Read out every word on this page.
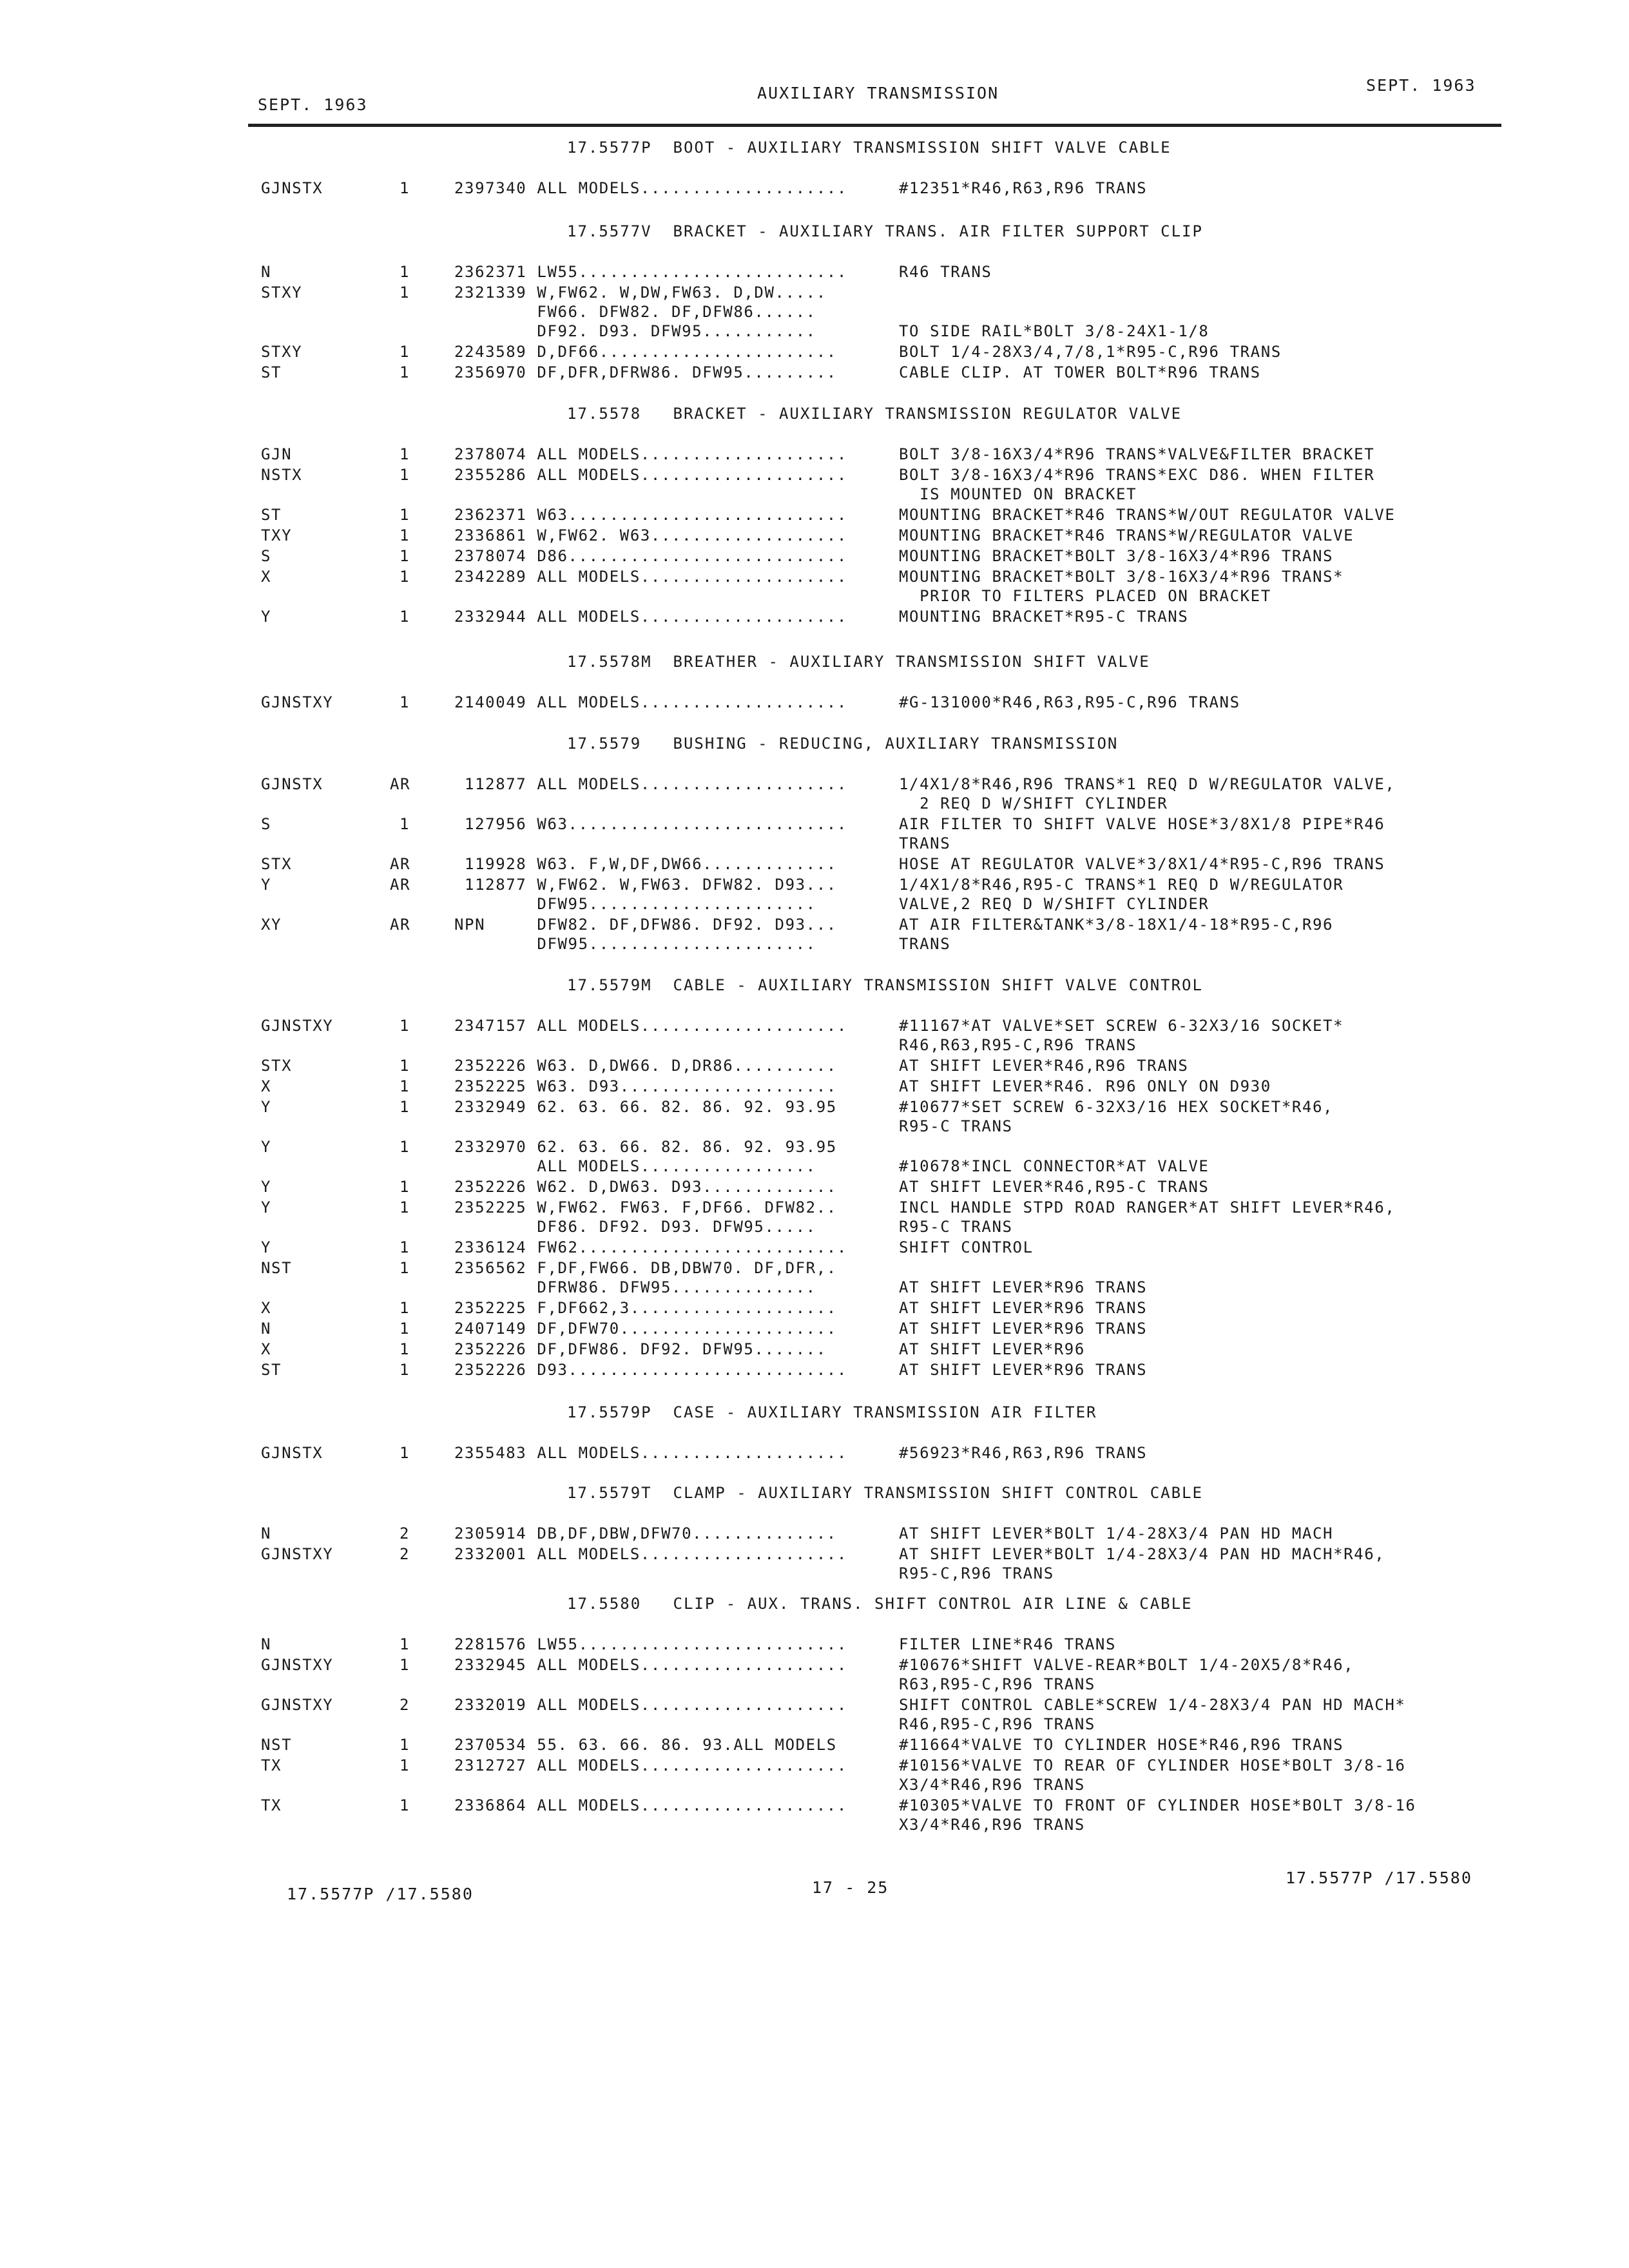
SEPT. 1963
AUXILIARY TRANSMISSION	SEPT. 1963
17.5577P  BOOT - AUXILIARY TRANSMISSION SHIFT VALVE CABLE
GJNSTX	1	2397340 ALL MODELS....................	#12351*R46,R63,R96 TRANS
17.5577V  BRACKET - AUXILIARY TRANS. AIR FILTER SUPPORT CLIP
N	1	2362371 LW55..........................	R46 TRANS
STXY	1	2321339 W,FW62. W,DW,FW63. D,DW.....
FW66. DFW82. DF,DFW86......
DF92. D93. DFW95...........	TO SIDE RAIL*BOLT 3/8-24X1-1/8
STXY	1	2243589 D,DF66.......................	BOLT 1/4-28X3/4,7/8,1*R95-C,R96 TRANS
ST	1	2356970 DF,DFR,DFRW86. DFW95.........	CABLE CLIP. AT TOWER BOLT*R96 TRANS
17.5578   BRACKET - AUXILIARY TRANSMISSION REGULATOR VALVE
GJN	1	2378074 ALL MODELS....................	BOLT 3/8-16X3/4*R96 TRANS*VALVE&FILTER BRACKET
NSTX	1	2355286 ALL MODELS....................	BOLT 3/8-16X3/4*R96 TRANS*EXC D86. WHEN FILTER
IS MOUNTED ON BRACKET
ST	1	2362371 W63...........................	MOUNTING BRACKET*R46 TRANS*W/OUT REGULATOR VALVE
TXY	1	2336861 W,FW62. W63...................	MOUNTING BRACKET*R46 TRANS*W/REGULATOR VALVE
S	1	2378074 D86...........................	MOUNTING BRACKET*BOLT 3/8-16X3/4*R96 TRANS
X	1	2342289 ALL MODELS....................	MOUNTING BRACKET*BOLT 3/8-16X3/4*R96 TRANS*
PRIOR TO FILTERS PLACED ON BRACKET
Y	1	2332944 ALL MODELS....................	MOUNTING BRACKET*R95-C TRANS
17.5578M  BREATHER - AUXILIARY TRANSMISSION SHIFT VALVE
GJNSTXY	1	2140049 ALL MODELS....................	#G-131000*R46,R63,R95-C,R96 TRANS
17.5579   BUSHING - REDUCING, AUXILIARY TRANSMISSION
GJNSTX	AR	112877 ALL MODELS....................	1/4X1/8*R46,R96 TRANS*1 REQ D W/REGULATOR VALVE,
2 REQ D W/SHIFT CYLINDER
S	1	127956 W63...........................	AIR FILTER TO SHIFT VALVE HOSE*3/8X1/8 PIPE*R46
TRANS
STX	AR	119928 W63. F,W,DF,DW66.............	HOSE AT REGULATOR VALVE*3/8X1/4*R95-C,R96 TRANS
Y	AR	112877 W,FW62. W,FW63. DFW82. D93...	1/4X1/8*R46,R95-C TRANS*1 REQ D W/REGULATOR
DFW95......................	VALVE,2 REQ D W/SHIFT CYLINDER
XY	AR	NPN     DFW82. DF,DFW86. DF92. D93...	AT AIR FILTER&TANK*3/8-18X1/4-18*R95-C,R96
DFW95......................	TRANS
17.5579M  CABLE - AUXILIARY TRANSMISSION SHIFT VALVE CONTROL
GJNSTXY	1	2347157 ALL MODELS....................	#11167*AT VALVE*SET SCREW 6-32X3/16 SOCKET*
R46,R63,R95-C,R96 TRANS
STX	1	2352226 W63. D,DW66. D,DR86..........	AT SHIFT LEVER*R46,R96 TRANS
X	1	2352225 W63. D93.....................	AT SHIFT LEVER*R46. R96 ONLY ON D930
Y	1	2332949 62. 63. 66. 82. 86. 92. 93.95	#10677*SET SCREW 6-32X3/16 HEX SOCKET*R46,
R95-C TRANS
Y	1	2332970 62. 63. 66. 82. 86. 92. 93.95
ALL MODELS.................	#10678*INCL CONNECTOR*AT VALVE
Y	1	2352226 W62. D,DW63. D93.............	AT SHIFT LEVER*R46,R95-C TRANS
Y	1	2352225 W,FW62. FW63. F,DF66. DFW82..	INCL HANDLE STPD ROAD RANGER*AT SHIFT LEVER*R46,
DF86. DF92. D93. DFW95.....	R95-C TRANS
Y	1	2336124 FW62..........................	SHIFT CONTROL
NST	1	2356562 F,DF,FW66. DB,DBW70. DF,DFR,.
DFRW86. DFW95..............	AT SHIFT LEVER*R96 TRANS
X	1	2352225 F,DF662,3....................	AT SHIFT LEVER*R96 TRANS
N	1	2407149 DF,DFW70.....................	AT SHIFT LEVER*R96 TRANS
X	1	2352226 DF,DFW86. DF92. DFW95.......	AT SHIFT LEVER*R96
ST	1	2352226 D93...........................	AT SHIFT LEVER*R96 TRANS
17.5579P  CASE - AUXILIARY TRANSMISSION AIR FILTER
GJNSTX	1	2355483 ALL MODELS....................	#56923*R46,R63,R96 TRANS
17.5579T  CLAMP - AUXILIARY TRANSMISSION SHIFT CONTROL CABLE
N	2	2305914 DB,DF,DBW,DFW70..............	AT SHIFT LEVER*BOLT 1/4-28X3/4 PAN HD MACH
GJNSTXY	2	2332001 ALL MODELS....................	AT SHIFT LEVER*BOLT 1/4-28X3/4 PAN HD MACH*R46,
R95-C,R96 TRANS
17.5580   CLIP - AUX. TRANS. SHIFT CONTROL AIR LINE & CABLE
N	1	2281576 LW55..........................	FILTER LINE*R46 TRANS
GJNSTXY	1	2332945 ALL MODELS....................	#10676*SHIFT VALVE-REAR*BOLT 1/4-20X5/8*R46,
R63,R95-C,R96 TRANS
GJNSTXY	2	2332019 ALL MODELS....................	SHIFT CONTROL CABLE*SCREW 1/4-28X3/4 PAN HD MACH*
R46,R95-C,R96 TRANS
NST	1	2370534 55. 63. 66. 86. 93.ALL MODELS	#11664*VALVE TO CYLINDER HOSE*R46,R96 TRANS
TX	1	2312727 ALL MODELS....................	#10156*VALVE TO REAR OF CYLINDER HOSE*BOLT 3/8-16
X3/4*R46,R96 TRANS
TX	1	2336864 ALL MODELS....................	#10305*VALVE TO FRONT OF CYLINDER HOSE*BOLT 3/8-16
X3/4*R46,R96 TRANS
17.5577P /17.5580	17 - 25
17.5577P /17.5580
